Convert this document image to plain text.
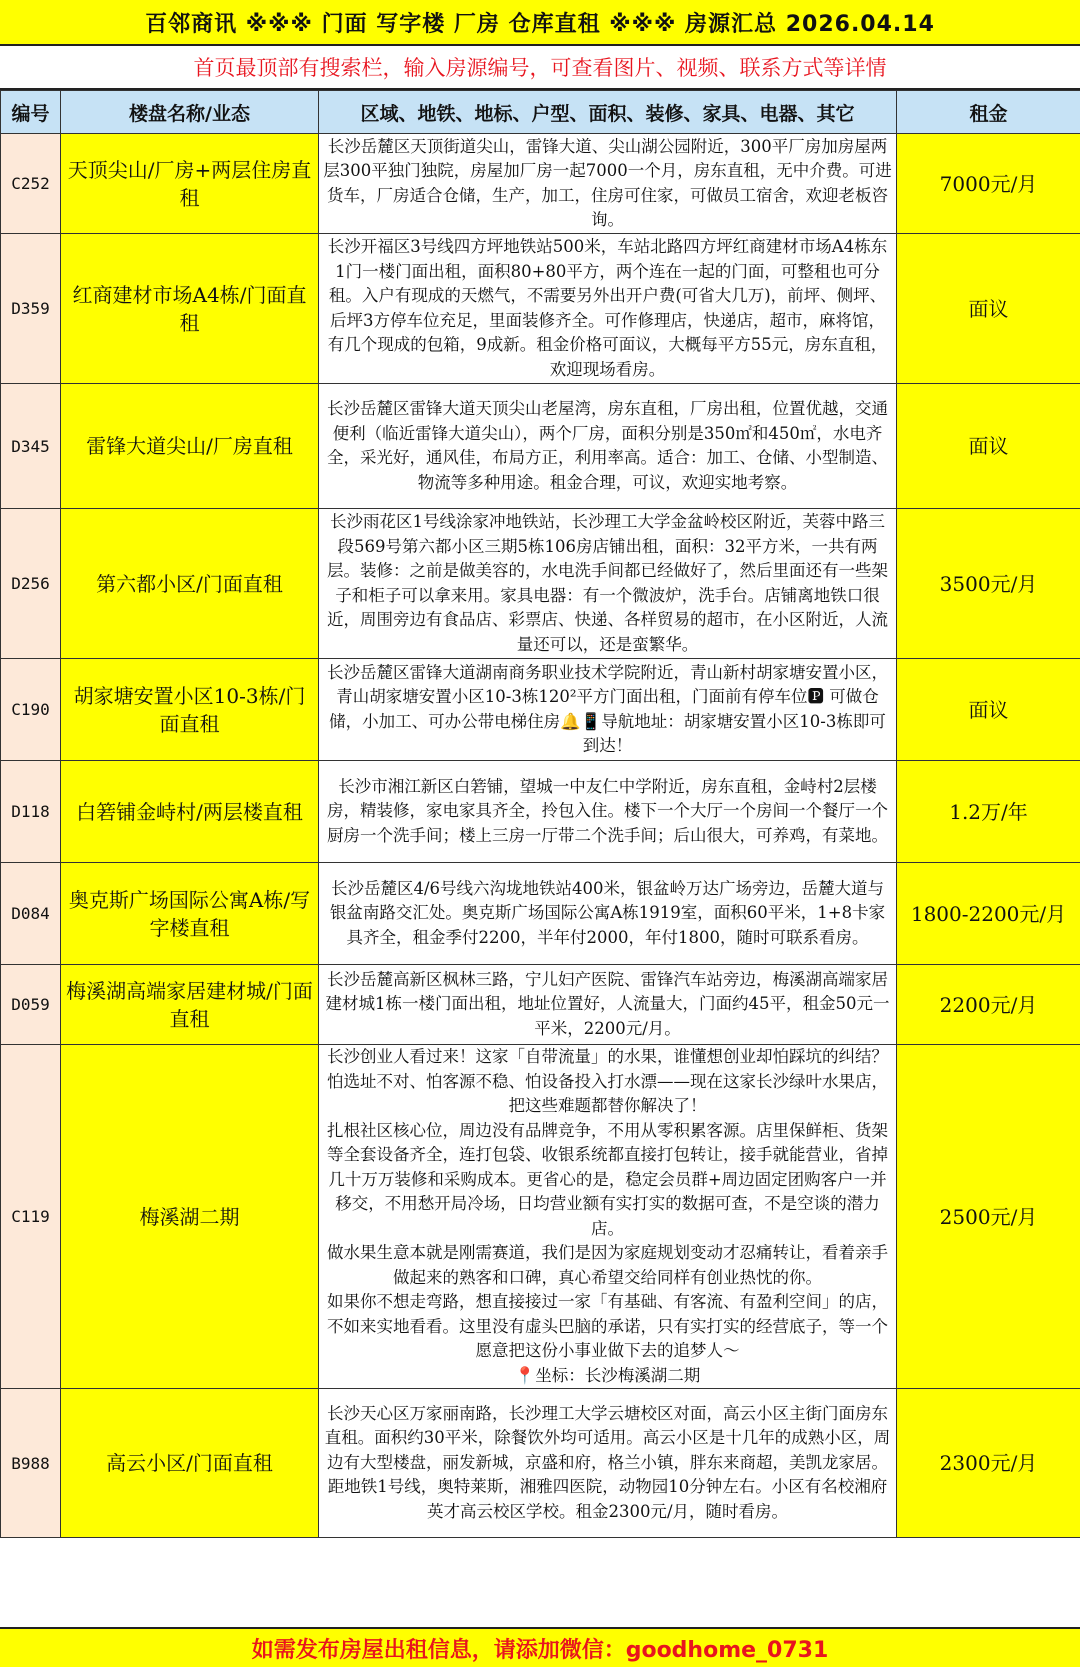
百邻商讯 ※※※ 门面 写字楼 厂房 仓库直租 ※※※ 房源汇总 2026.04.14
首页最顶部有搜索栏，输入房源编号，可查看图片、视频、联系方式等详情
编号	楼盘名称/业态	区域、地铁、地标、户型、面积、装修、家具、电器、其它	租金
C252	天顶尖山/厂房+两层住房直租	长沙岳麓区天顶街道尖山，雷锋大道、尖山湖公园附近，300平厂房加房屋两层300平独门独院，房屋加厂房一起7000一个月，房东直租，无中介费。可进货车，厂房适合仓储，生产，加工，住房可住家，可做员工宿舍，欢迎老板咨询。	7000元/月
D359	红商建材市场A4栋/门面直租	长沙开福区3号线四方坪地铁站500米，车站北路四方坪红商建材市场A4栋东1门一楼门面出租，面积80+80平方，两个连在一起的门面，可整租也可分租。入户有现成的天燃气，不需要另外出开户费(可省大几万)，前坪、侧坪、后坪3方停车位充足，里面装修齐全。可作修理店，快递店，超市，麻将馆，有几个现成的包箱，9成新。租金价格可面议，大概每平方55元，房东直租，欢迎现场看房。	面议
D345	雷锋大道尖山/厂房直租	长沙岳麓区雷锋大道天顶尖山老屋湾，房东直租，厂房出租，位置优越，交通便利（临近雷锋大道尖山），两个厂房，面积分别是350㎡和450㎡，水电齐全，采光好，通风佳，布局方正，利用率高。适合：加工、仓储、小型制造、物流等多种用途。租金合理，可议，欢迎实地考察。	面议
D256	第六都小区/门面直租	长沙雨花区1号线涂家冲地铁站，长沙理工大学金盆岭校区附近，芙蓉中路三段569号第六都小区三期5栋106房店铺出租，面积：32平方米，一共有两层。装修：之前是做美容的，水电洗手间都已经做好了，然后里面还有一些架子和柜子可以拿来用。家具电器：有一个微波炉，洗手台。店铺离地铁口很近，周围旁边有食品店、彩票店、快递、各样贸易的超市，在小区附近，人流量还可以，还是蛮繁华。	3500元/月
C190	胡家塘安置小区10-3栋/门面直租	长沙岳麓区雷锋大道湖南商务职业技术学院附近，青山新村胡家塘安置小区，青山胡家塘安置小区10-3栋120²平方门面出租，门面前有停车位🅿 可做仓储，小加工、可办公带电梯住房🔔📱导航地址：胡家塘安置小区10-3栋即可到达！	面议
D118	白箬铺金峙村/两层楼直租	长沙市湘江新区白箬铺，望城一中友仁中学附近，房东直租，金峙村2层楼房，精装修，家电家具齐全，拎包入住。楼下一个大厅一个房间一个餐厅一个厨房一个洗手间；楼上三房一厅带二个洗手间；后山很大，可养鸡，有菜地。	1.2万/年
D084	奥克斯广场国际公寓A栋/写字楼直租	长沙岳麓区4/6号线六沟垅地铁站400米，银盆岭万达广场旁边，岳麓大道与银盆南路交汇处。奥克斯广场国际公寓A栋1919室，面积60平米，1+8卡家具齐全，租金季付2200，半年付2000，年付1800，随时可联系看房。	1800-2200元/月
D059	梅溪湖高端家居建材城/门面直租	长沙岳麓高新区枫林三路，宁儿妇产医院、雷锋汽车站旁边，梅溪湖高端家居建材城1栋一楼门面出租，地址位置好，人流量大，门面约45平，租金50元一平米，2200元/月。	2200元/月
C119	梅溪湖二期	长沙创业人看过来！这家「自带流量」的水果，谁懂想创业却怕踩坑的纠结？怕选址不对、怕客源不稳、怕设备投入打水漂——现在这家长沙绿叶水果店，把这些难题都替你解决了！
扎根社区核心位，周边没有品牌竞争，不用从零积累客源。店里保鲜柜、货架等全套设备齐全，连打包袋、收银系统都直接打包转让，接手就能营业，省掉几十万万装修和采购成本。更省心的是，稳定会员群+周边固定团购客户一并移交，不用愁开局冷场，日均营业额有实打实的数据可查，不是空谈的潜力店。
做水果生意本就是刚需赛道，我们是因为家庭规划变动才忍痛转让，看着亲手做起来的熟客和口碑，真心希望交给同样有创业热忱的你。
如果你不想走弯路，想直接接过一家「有基础、有客流、有盈利空间」的店，不如来实地看看。这里没有虚头巴脑的承诺，只有实打实的经营底子，等一个愿意把这份小事业做下去的追梦人～
📍坐标：长沙梅溪湖二期	2500元/月
B988	高云小区/门面直租	长沙天心区万家丽南路，长沙理工大学云塘校区对面，高云小区主街门面房东直租。面积约30平米，除餐饮外均可适用。高云小区是十几年的成熟小区，周边有大型楼盘，丽发新城，京盛和府，格兰小镇，胖东来商超，美凯龙家居。距地铁1号线，奥特莱斯，湘雅四医院，动物园10分钟左右。小区有名校湘府英才高云校区学校。租金2300元/月，随时看房。	2300元/月
如需发布房屋出租信息，请添加微信：goodhome_0731
